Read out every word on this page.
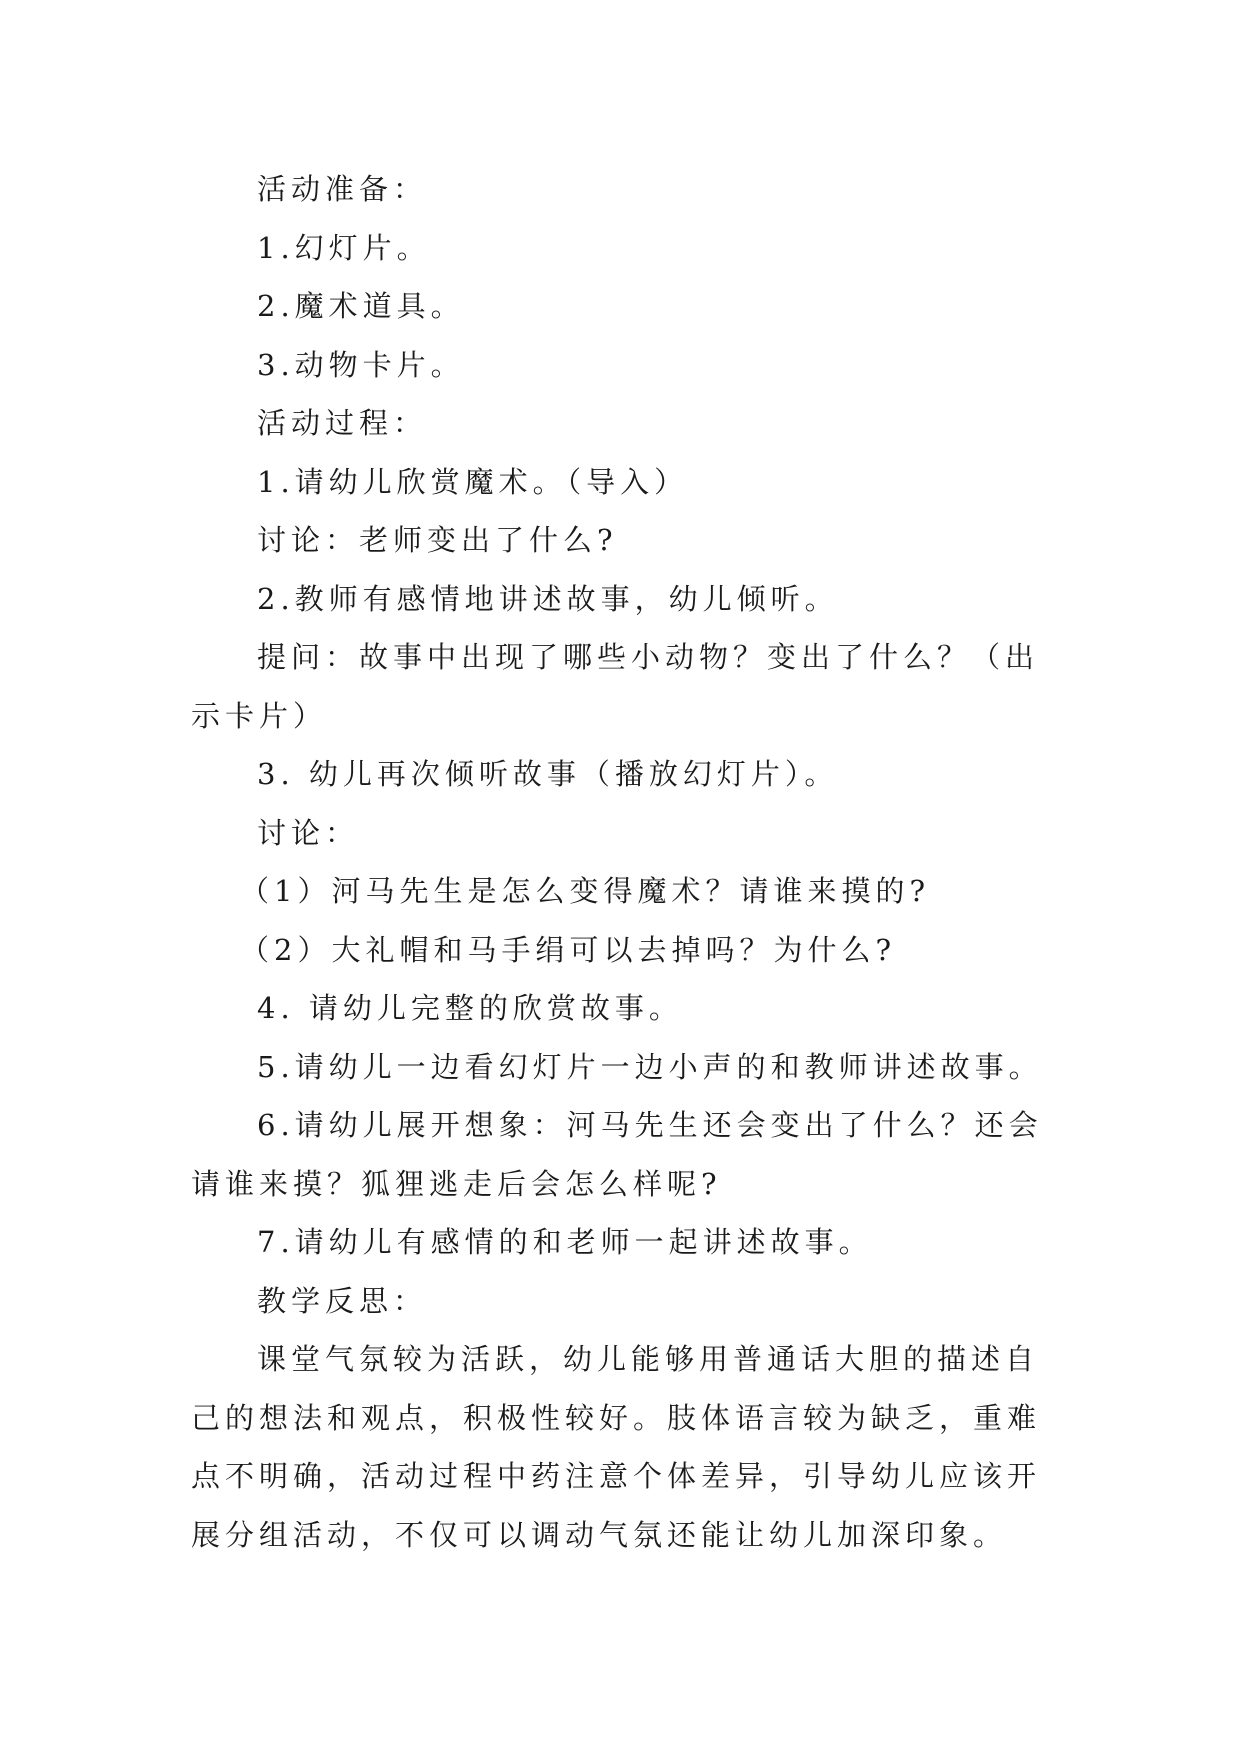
活动准备：

1.幻灯片。

2.魔术道具。

3.动物卡片。

活动过程：

1.请幼儿欣赏魔术。（导入）

讨论：老师变出了什么?

2.教师有感情地讲述故事，幼儿倾听。

提问：故事中出现了哪些小动物？变出了什么？（出示卡片）

3. 幼儿再次倾听故事（播放幻灯片）。

讨论：

（1）河马先生是怎么变得魔术？请谁来摸的?

（2）大礼帽和马手绢可以去掉吗？为什么?

4. 请幼儿完整的欣赏故事。

5.请幼儿一边看幻灯片一边小声的和教师讲述故事。

6.请幼儿展开想象：河马先生还会变出了什么？还会请谁来摸？狐狸逃走后会怎么样呢?

7.请幼儿有感情的和老师一起讲述故事。

教学反思：

课堂气氛较为活跃，幼儿能够用普通话大胆的描述自己的想法和观点，积极性较好。肢体语言较为缺乏，重难点不明确，活动过程中药注意个体差异，引导幼儿应该开展分组活动，不仅可以调动气氛还能让幼儿加深印象。
